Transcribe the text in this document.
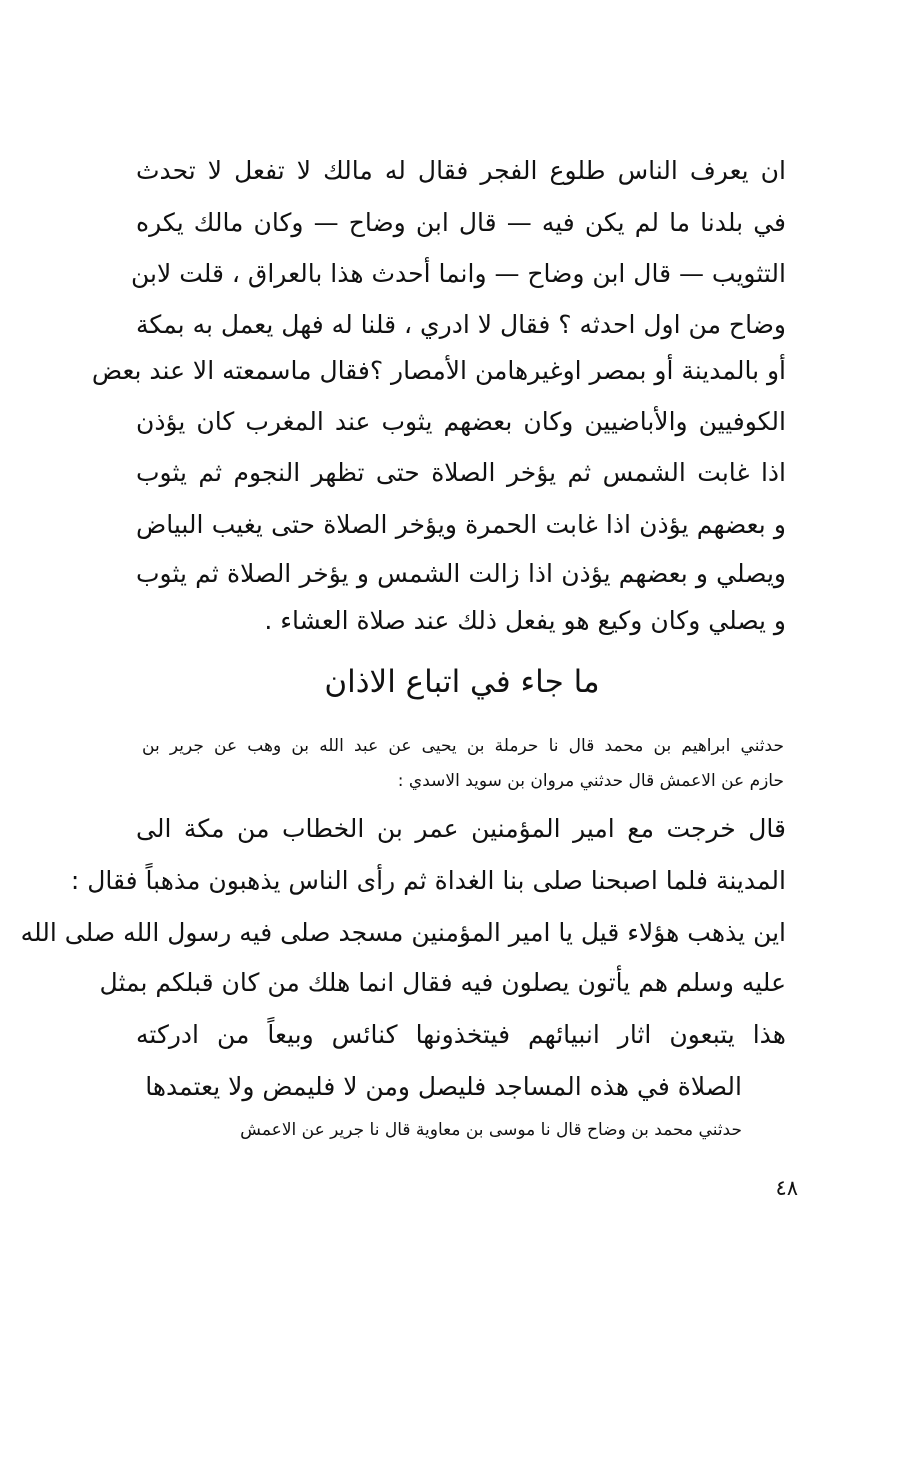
ان يعرف الناس طلوع الفجر فقال له مالك لا تفعل لا تحدث
في بلدنا ما لم يكن فيه — قال ابن وضاح — وكان مالك يكره
التثويب — قال ابن وضاح — وانما أحدث هذا بالعراق ، قلت لابن
وضاح من اول احدثه ؟ فقال لا ادري ، قلنا له فهل يعمل به بمكة
أو بالمدينة أو بمصر اوغيرهامن الأمصار ؟فقال ماسمعته الا عند بعض
الكوفيين والأباضيين وكان بعضهم يثوب عند المغرب كان يؤذن
اذا غابت الشمس ثم يؤخر الصلاة حتى تظهر النجوم ثم يثوب
و بعضهم يؤذن اذا غابت الحمرة ويؤخر الصلاة حتى يغيب البياض
ويصلي و بعضهم يؤذن اذا زالت الشمس و يؤخر الصلاة ثم يثوب
و يصلي وكان وكيع هو يفعل ذلك عند صلاة العشاء .
ما جاء في اتباع الاذان
حدثني ابراهيم بن محمد قال نا حرملة بن يحيى عن عبد الله بن وهب عن جرير بن
حازم عن الاعمش قال حدثني مروان بن سويد الاسدي :
قال خرجت مع امير المؤمنين عمر بن الخطاب من مكة الى
المدينة فلما اصبحنا صلى بنا الغداة ثم رأى الناس يذهبون مذهباً فقال :
اين يذهب هؤلاء قيل يا امير المؤمنين مسجد صلى فيه رسول الله صلى الله
عليه وسلم هم يأتون يصلون فيه فقال انما هلك من كان قبلكم بمثل
هذا يتبعون اثار انبيائهم فيتخذونها كنائس وبيعاً من ادركته
الصلاة في هذه المساجد فليصل ومن لا فليمض ولا يعتمدها
حدثني محمد بن وضاح قال نا موسى بن معاوية قال نا جرير عن الاعمش
٤٨
